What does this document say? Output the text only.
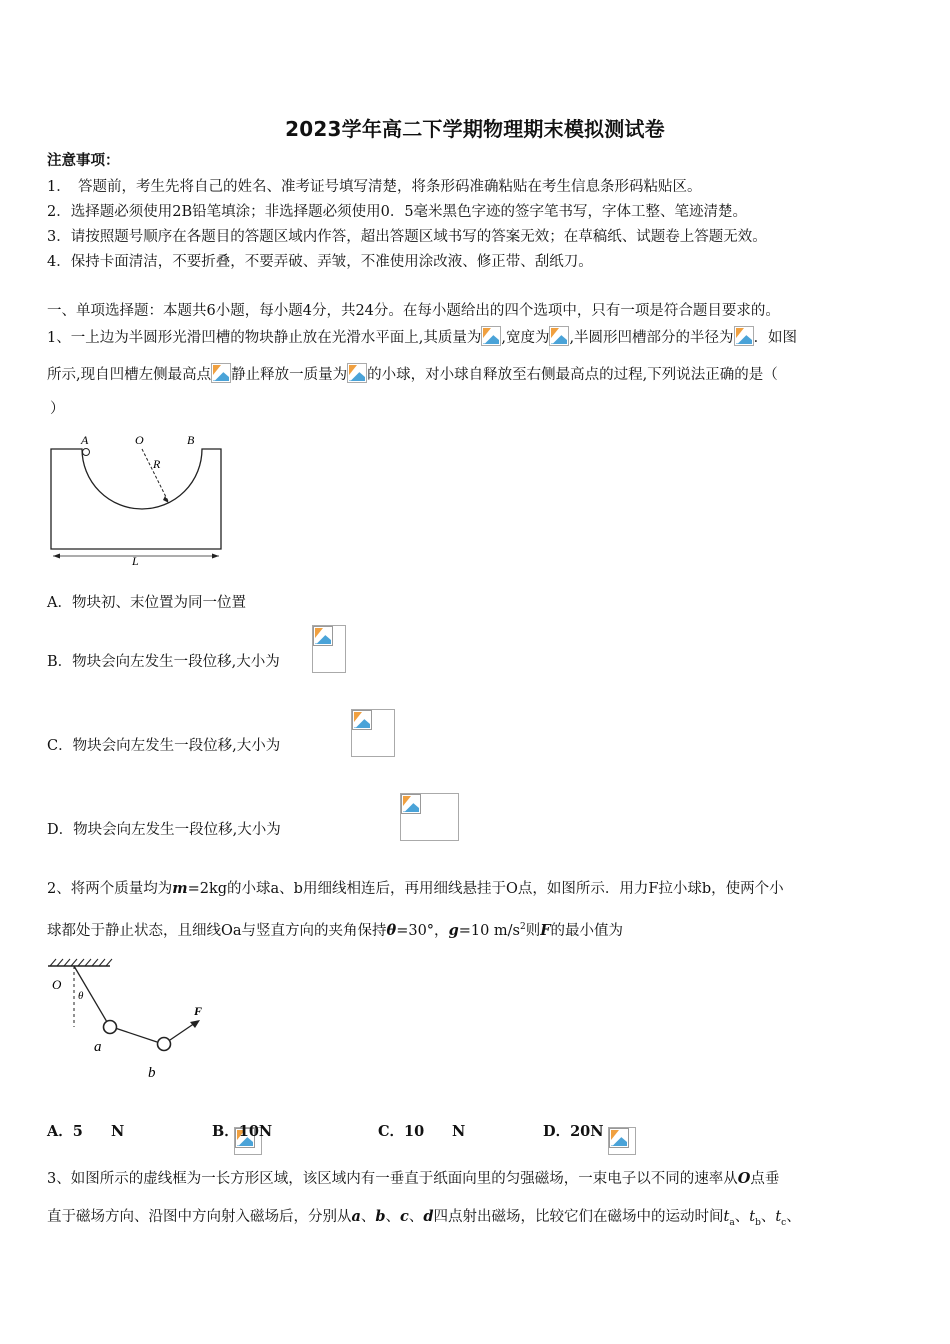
2023学年高二下学期物理期末模拟测试卷
注意事项：
1．　答题前，考生先将自己的姓名、准考证号填写清楚，将条形码准确粘贴在考生信息条形码粘贴区。
2．选择题必须使用2B铅笔填涂；非选择题必须使用0．5毫米黑色字迹的签字笔书写，字体工整、笔迹清楚。
3．请按照题号顺序在各题目的答题区域内作答，超出答题区域书写的答案无效；在草稿纸、试题卷上答题无效。
4．保持卡面清洁，不要折叠，不要弄破、弄皱，不准使用涂改液、修正带、刮纸刀。
一、单项选择题：本题共6小题，每小题4分，共24分。在每小题给出的四个选项中，只有一项是符合题目要求的。
1、一上边为半圆形光滑凹槽的物块静止放在光滑水平面上,其质量为 ,宽度为 ,半圆形凹槽部分的半径为 ．如图
所示,现自凹槽左侧最高点 静止释放一质量为 的小球，对小球自释放至右侧最高点的过程,下列说法正确的是（
）
A	O	B
R
L
A．物块初、末位置为同一位置
B．物块会向左发生一段位移,大小为

C．物块会向左发生一段位移,大小为

D．物块会向左发生一段位移,大小为

2、将两个质量均为m=2kg的小球a、b用细线相连后，再用细线悬挂于O点，如图所示．用力F拉小球b，使两个小
球都处于静止状态，且细线Oa与竖直方向的夹角保持θ=30°，g=10 $m/s^2$则F的最小值为
O
θ
a
b
F
A．5
N	B．10N	C．10 N	D．20N
3、如图所示的虚线框为一长方形区域，该区域内有一垂直于纸面向里的匀强磁场，一束电子以不同的速率从O点垂
直于磁场方向、沿图中方向射入磁场后，分别从a、b、c、d四点射出磁场，比较它们在磁场中的运动时间$t_a$、$t_b$、$t_c$、
